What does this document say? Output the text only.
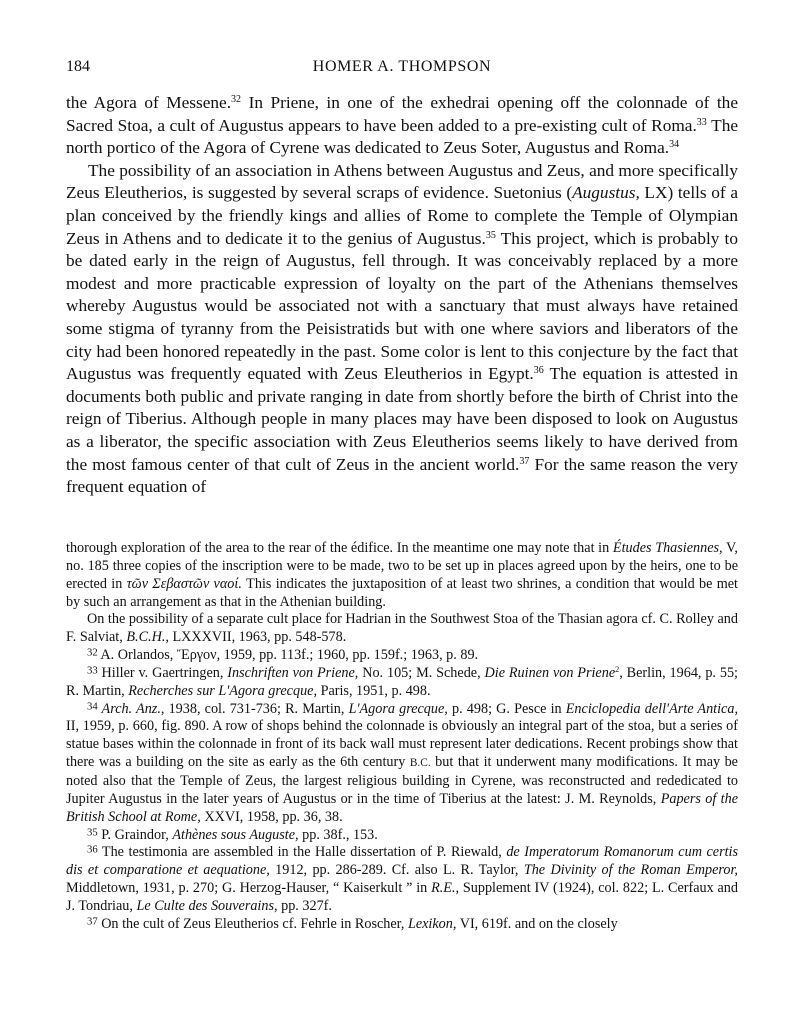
184	HOMER A. THOMPSON

the Agora of Messene.$^{32}$ In Priene, in one of the exhedrai opening off the colonnade of the Sacred Stoa, a cult of Augustus appears to have been added to a pre-existing cult of Roma.$^{33}$ The north portico of the Agora of Cyrene was dedicated to Zeus Soter, Augustus and Roma.$^{34}$

The possibility of an association in Athens between Augustus and Zeus, and more specifically Zeus Eleutherios, is suggested by several scraps of evidence. Suetonius (Augustus, LX) tells of a plan conceived by the friendly kings and allies of Rome to complete the Temple of Olympian Zeus in Athens and to dedicate it to the genius of Augustus.$^{35}$ This project, which is probably to be dated early in the reign of Augustus, fell through. It was conceivably replaced by a more modest and more practicable expression of loyalty on the part of the Athenians themselves whereby Augustus would be associated not with a sanctuary that must always have retained some stigma of tyranny from the Peisistratids but with one where saviors and liberators of the city had been honored repeatedly in the past. Some color is lent to this conjecture by the fact that Augustus was frequently equated with Zeus Eleutherios in Egypt.$^{36}$ The equation is attested in documents both public and private ranging in date from shortly before the birth of Christ into the reign of Tiberius. Although people in many places may have been disposed to look on Augustus as a liberator, the specific association with Zeus Eleutherios seems likely to have derived from the most famous center of that cult of Zeus in the ancient world.$^{37}$ For the same reason the very frequent equation of

thorough exploration of the area to the rear of the édifice. In the meantime one may note that in Études Thasiennes, V, no. 185 three copies of the inscription were to be made, two to be set up in places agreed upon by the heirs, one to be erected in τῶν Σεβαστῶν ναοί. This indicates the juxtaposition of at least two shrines, a condition that would be met by such an arrangement as that in the Athenian building.

On the possibility of a separate cult place for Hadrian in the Southwest Stoa of the Thasian agora cf. C. Rolley and F. Salviat, B.C.H., LXXXVII, 1963, pp. 548-578.

$^{32}$ A. Orlandos, Ἔργον, 1959, pp. 113f.; 1960, pp. 159f.; 1963, p. 89.

$^{33}$ Hiller v. Gaertringen, Inschriften von Priene, No. 105; M. Schede, Die Ruinen von Priene$^2$, Berlin, 1964, p. 55; R. Martin, Recherches sur L'Agora grecque, Paris, 1951, p. 498.

$^{34}$ Arch. Anz., 1938, col. 731-736; R. Martin, L'Agora grecque, p. 498; G. Pesce in Enciclopedia dell'Arte Antica, II, 1959, p. 660, fig. 890. A row of shops behind the colonnade is obviously an integral part of the stoa, but a series of statue bases within the colonnade in front of its back wall must represent later dedications. Recent probings show that there was a building on the site as early as the 6th century B.C. but that it underwent many modifications. It may be noted also that the Temple of Zeus, the largest religious building in Cyrene, was reconstructed and rededicated to Jupiter Augustus in the later years of Augustus or in the time of Tiberius at the latest: J. M. Reynolds, Papers of the British School at Rome, XXVI, 1958, pp. 36, 38.

$^{35}$ P. Graindor, Athènes sous Auguste, pp. 38f., 153.

$^{36}$ The testimonia are assembled in the Halle dissertation of P. Riewald, de Imperatorum Romanorum cum certis dis et comparatione et aequatione, 1912, pp. 286-289. Cf. also L. R. Taylor, The Divinity of the Roman Emperor, Middletown, 1931, p. 270; G. Herzog-Hauser, “ Kaiserkult ” in R.E., Supplement IV (1924), col. 822; L. Cerfaux and J. Tondriau, Le Culte des Souverains, pp. 327f.

$^{37}$ On the cult of Zeus Eleutherios cf. Fehrle in Roscher, Lexikon, VI, 619f. and on the closely
